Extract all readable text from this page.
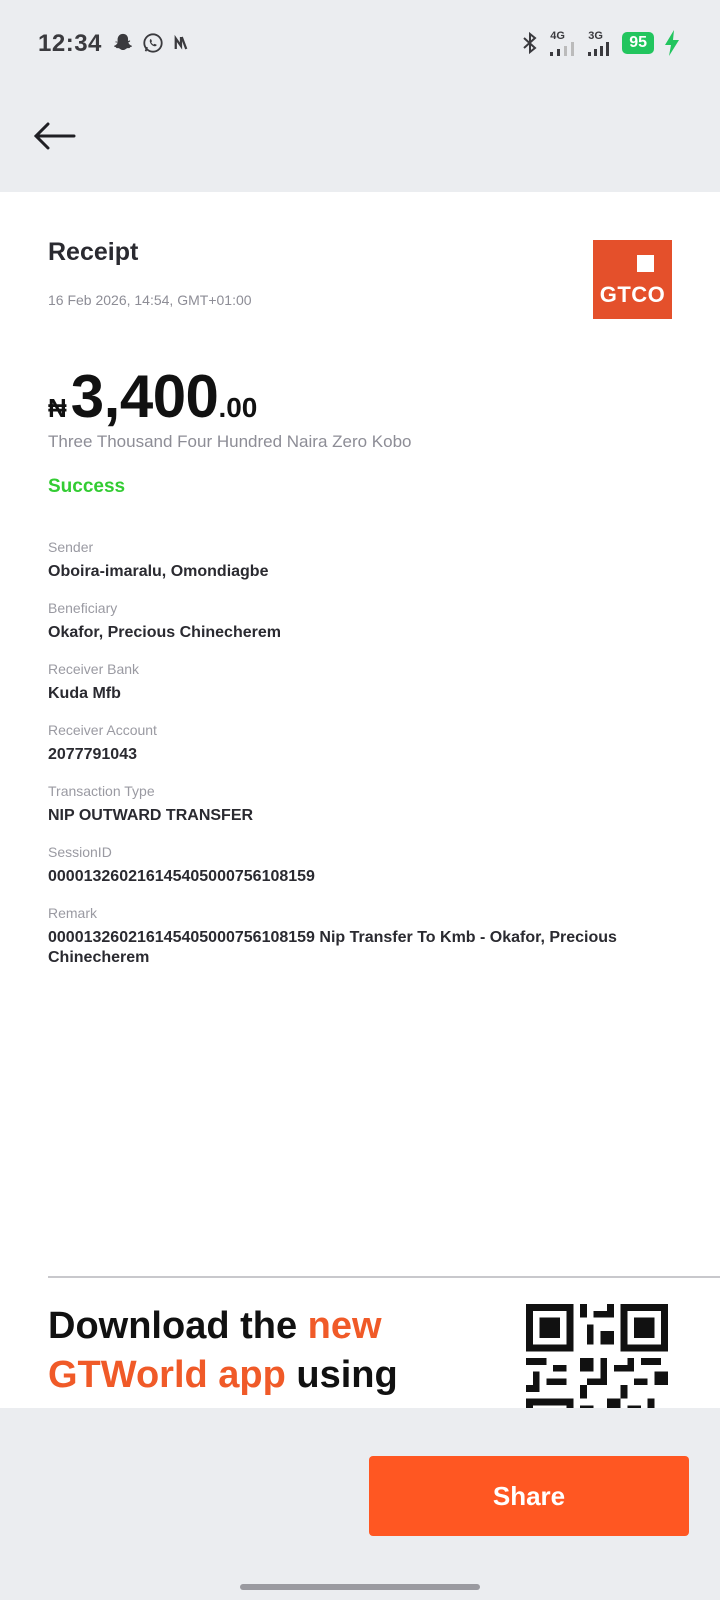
12:34	4G 3G	95
Receipt
16 Feb 2026, 14:54, GMT+01:00	GTCO
₦ 3,400 .00
Three Thousand Four Hundred Naira Zero Kobo
Success
Sender
Oboira-imaralu, Omondiagbe
Beneficiary
Okafor, Precious Chinecherem
Receiver Bank
Kuda Mfb
Receiver Account
2077791043
Transaction Type
NIP OUTWARD TRANSFER
SessionID
000013260216145405000756108159
Remark
000013260216145405000756108159 Nip Transfer To Kmb - Okafor, Precious Chinecherem
Download the new GTWorld app using
Share
